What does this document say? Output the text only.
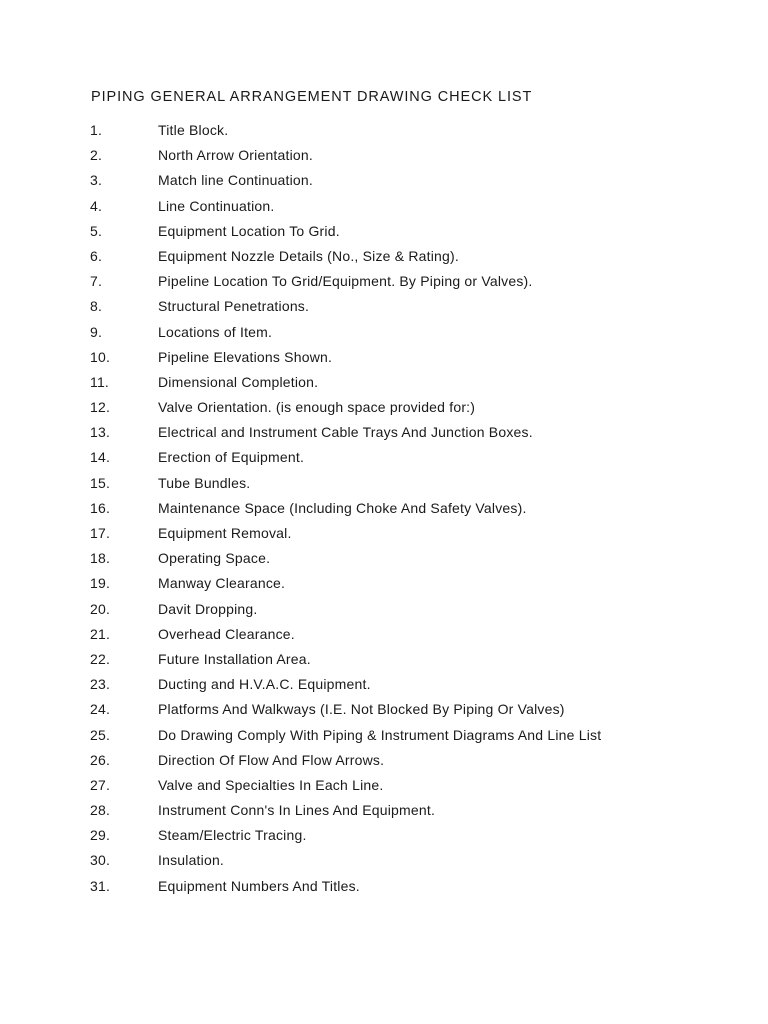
PIPING GENERAL ARRANGEMENT DRAWING CHECK LIST
1.	Title Block.
2.	North Arrow Orientation.
3.	Match line Continuation.
4.	Line Continuation.
5.	Equipment Location To Grid.
6.	Equipment Nozzle Details (No., Size & Rating).
7.	Pipeline Location To Grid/Equipment. By Piping or Valves).
8.	Structural Penetrations.
9.	Locations of Item.
10.	Pipeline Elevations Shown.
11.	Dimensional Completion.
12.	Valve Orientation. (is enough space provided for:)
13.	Electrical and Instrument Cable Trays And Junction Boxes.
14.	Erection of Equipment.
15.	Tube Bundles.
16.	Maintenance Space (Including Choke And Safety Valves).
17.	Equipment Removal.
18.	Operating Space.
19.	Manway Clearance.
20.	Davit Dropping.
21.	Overhead Clearance.
22.	Future Installation Area.
23.	Ducting and H.V.A.C. Equipment.
24.	Platforms And Walkways (I.E. Not Blocked By Piping Or Valves)
25.	Do Drawing Comply With Piping & Instrument Diagrams And Line List
26.	Direction Of Flow And Flow Arrows.
27.	Valve and Specialties In Each Line.
28.	Instrument Conn's In Lines And Equipment.
29.	Steam/Electric Tracing.
30.	Insulation.
31.	Equipment Numbers And Titles.
